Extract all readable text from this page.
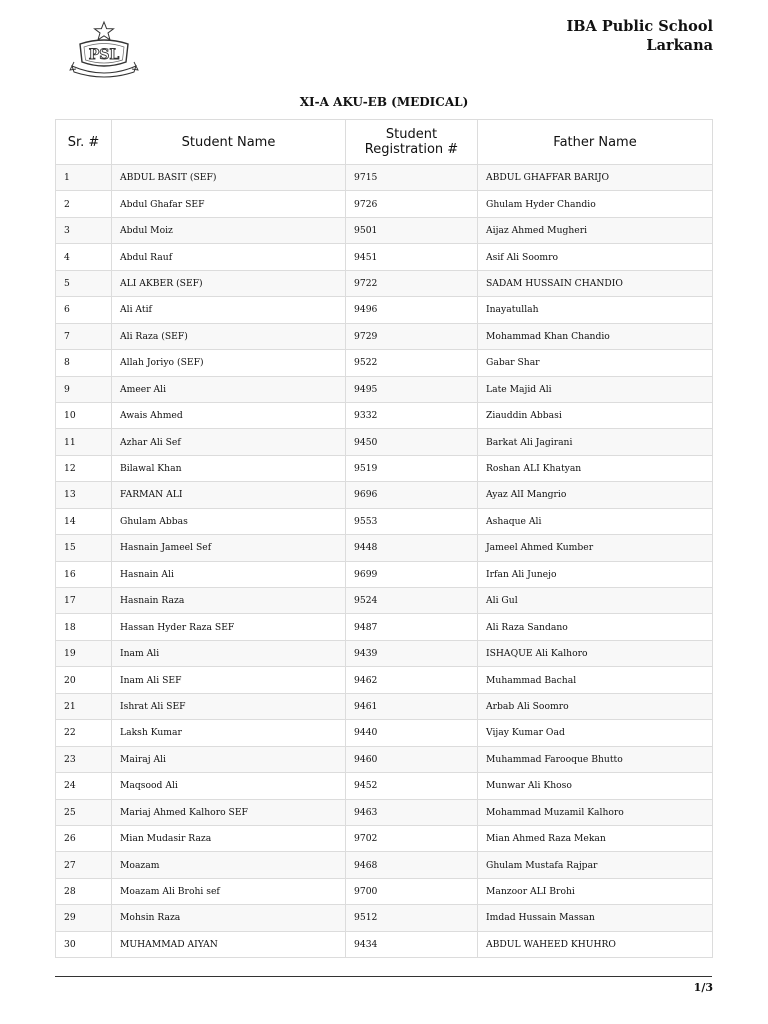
PSL
IBA Public School
Larkana
XI-A AKU-EB (MEDICAL)
Sr. #	Student Name	Student Registration #	Father Name
1	ABDUL BASIT (SEF)	9715	ABDUL GHAFFAR BARIJO
2	Abdul Ghafar SEF	9726	Ghulam Hyder Chandio
3	Abdul Moiz	9501	Aijaz Ahmed Mugheri
4	Abdul Rauf	9451	Asif Ali Soomro
5	ALI AKBER (SEF)	9722	SADAM HUSSAIN CHANDIO
6	Ali Atif	9496	Inayatullah
7	Ali Raza (SEF)	9729	Mohammad Khan Chandio
8	Allah Joriyo (SEF)	9522	Gabar Shar
9	Ameer Ali	9495	Late Majid Ali
10	Awais Ahmed	9332	Ziauddin Abbasi
11	Azhar Ali Sef	9450	Barkat Ali Jagirani
12	Bilawal Khan	9519	Roshan ALI Khatyan
13	FARMAN ALI	9696	Ayaz AlI Mangrio
14	Ghulam Abbas	9553	Ashaque Ali
15	Hasnain Jameel Sef	9448	Jameel Ahmed Kumber
16	Hasnain Ali	9699	Irfan Ali Junejo
17	Hasnain Raza	9524	Ali Gul
18	Hassan Hyder Raza SEF	9487	Ali Raza Sandano
19	Inam Ali	9439	ISHAQUE Ali Kalhoro
20	Inam Ali SEF	9462	Muhammad Bachal
21	Ishrat Ali SEF	9461	Arbab Ali Soomro
22	Laksh Kumar	9440	Vijay Kumar Oad
23	Mairaj Ali	9460	Muhammad Farooque Bhutto
24	Maqsood Ali	9452	Munwar Ali Khoso
25	Mariaj Ahmed Kalhoro SEF	9463	Mohammad Muzamil Kalhoro
26	Mian Mudasir Raza	9702	Mian Ahmed Raza Mekan
27	Moazam	9468	Ghulam Mustafa Rajpar
28	Moazam Ali Brohi sef	9700	Manzoor ALI Brohi
29	Mohsin Raza	9512	Imdad Hussain Massan
30	MUHAMMAD AIYAN	9434	ABDUL WAHEED KHUHRO
1/3
